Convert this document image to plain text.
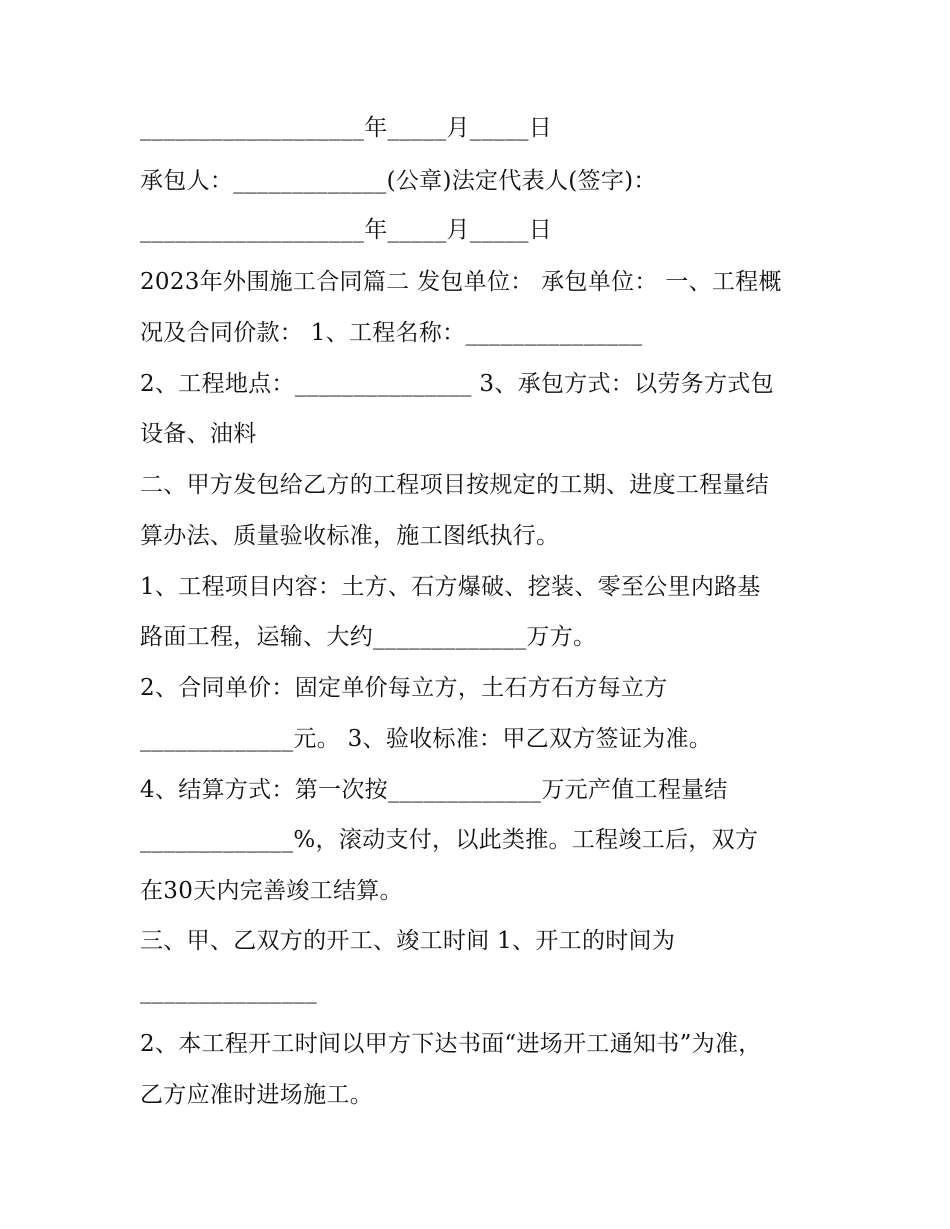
___________________年_____月_____日
承包人：_____________(公章)法定代表人(签字)：
___________________年_____月_____日
2023年外围施工合同篇二 发包单位： 承包单位： 一、工程概
况及合同价款： 1、工程名称：_______________
2、工程地点：_______________ 3、承包方式：以劳务方式包
设备、油料
二、甲方发包给乙方的工程项目按规定的工期、进度工程量结
算办法、质量验收标准，施工图纸执行。
1、工程项目内容：土方、石方爆破、挖装、零至公里内路基
路面工程，运输、大约_____________万方。
2、合同单价：固定单价每立方，土石方石方每立方
_____________元。 3、验收标准：甲乙双方签证为准。
4、结算方式：第一次按_____________万元产值工程量结
_____________%，滚动支付，以此类推。工程竣工后，双方
在30天内完善竣工结算。
三、甲、乙双方的开工、竣工时间 1、开工的时间为
_______________
2、本工程开工时间以甲方下达书面“进场开工通知书”为准，
乙方应准时进场施工。
